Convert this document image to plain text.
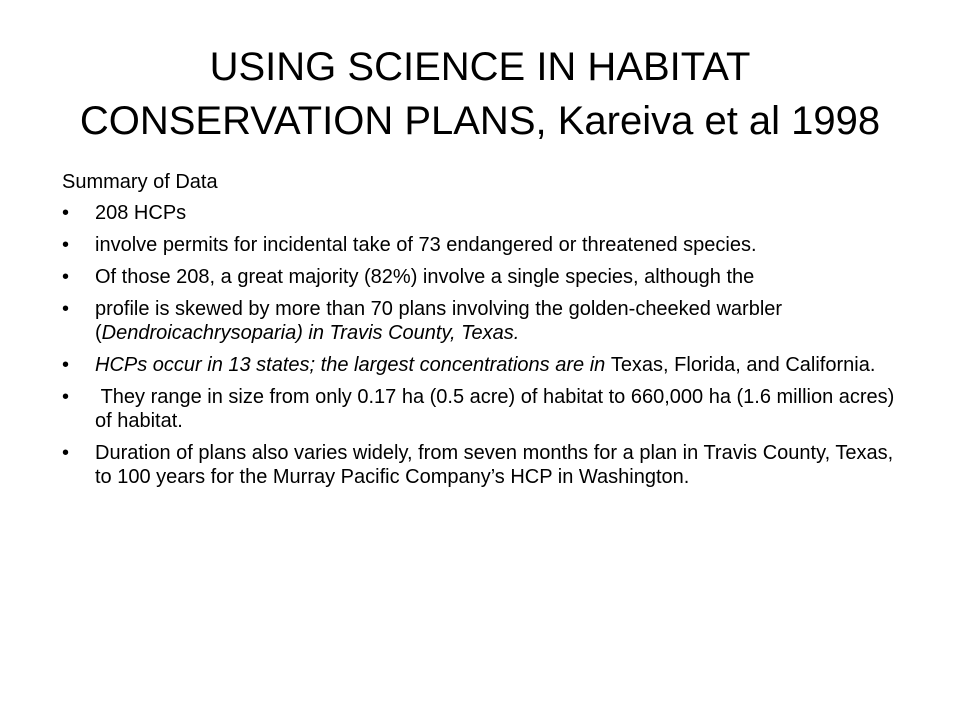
USING SCIENCE IN HABITAT CONSERVATION PLANS, Kareiva et al 1998

Summary of Data

•	208 HCPs
•	involve permits for incidental take of 73 endangered or threatened species.
•	Of those 208, a great majority (82%) involve a single species, although the
•	profile is skewed by more than 70 plans involving the golden-cheeked warbler (Dendroicachrysoparia) in Travis County, Texas.
•	HCPs occur in 13 states; the largest concentrations are in Texas, Florida, and California.
•	They range in size from only 0.17 ha (0.5 acre) of habitat to 660,000 ha (1.6 million acres) of habitat.
•	Duration of plans also varies widely, from seven months for a plan in Travis County, Texas, to 100 years for the Murray Pacific Company’s HCP in Washington.
